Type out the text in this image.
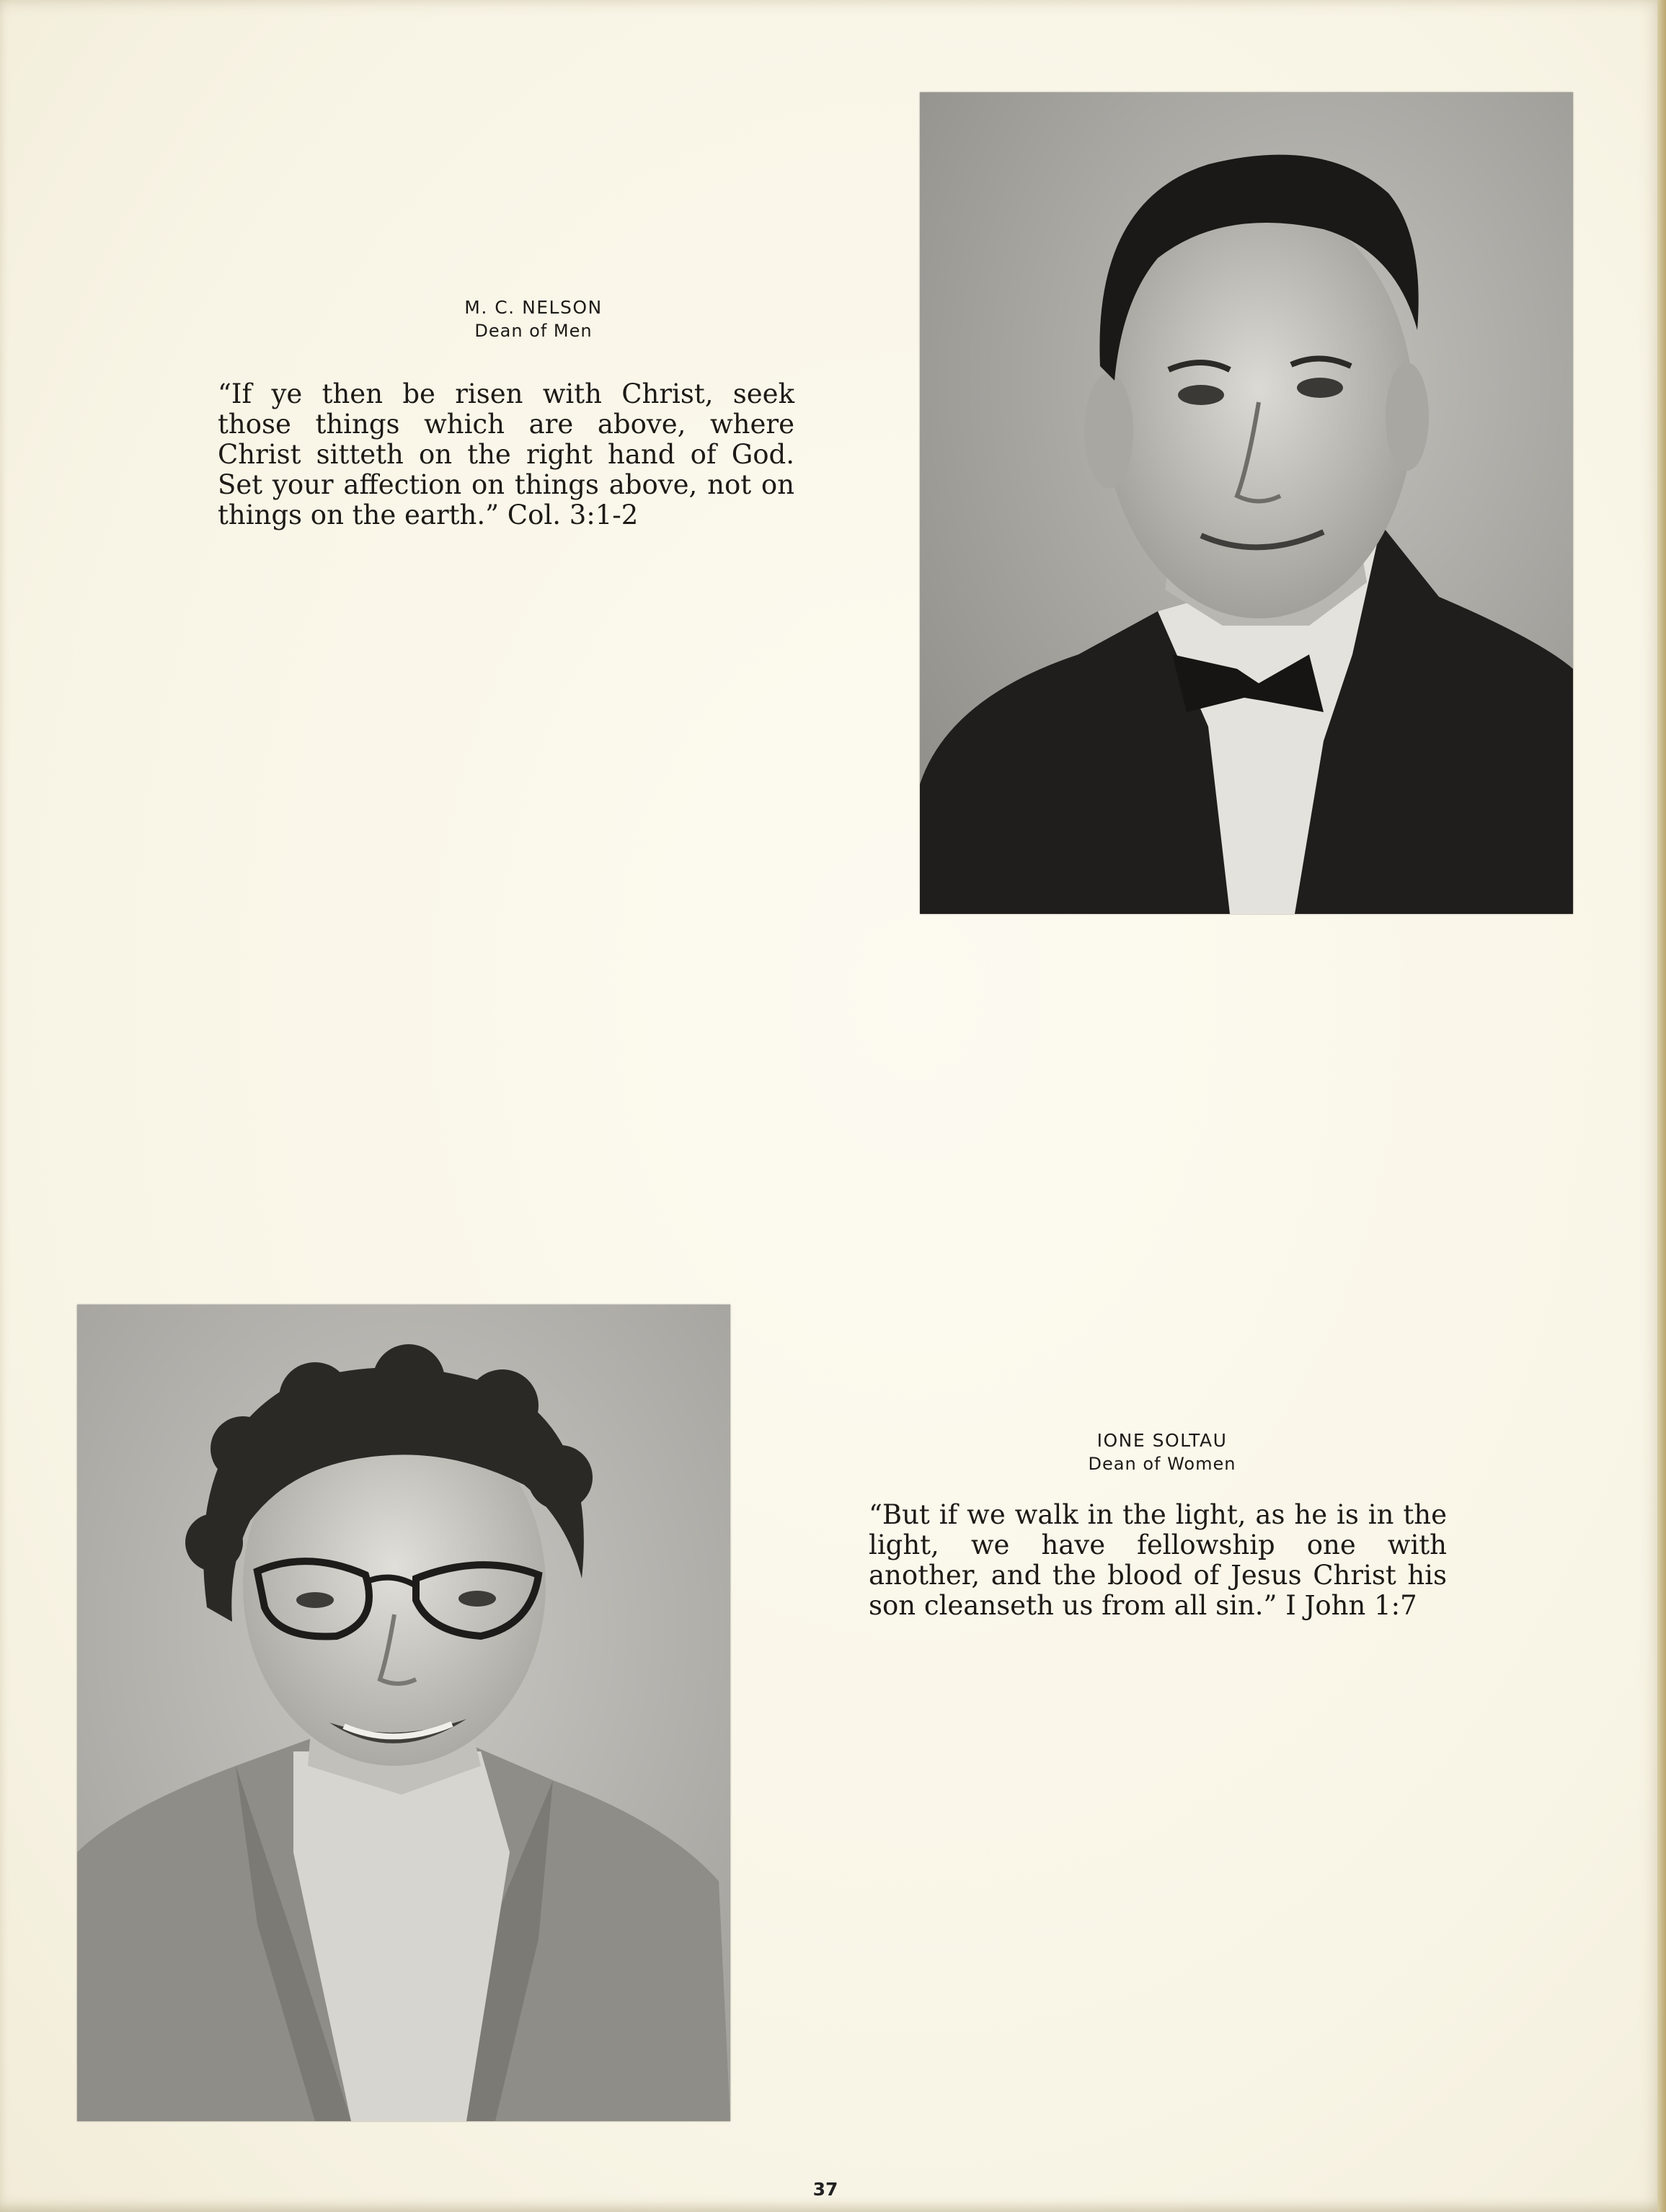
M. C. NELSON
Dean of Men
“If ye then be risen with Christ, seek those things which are above, where Christ sitteth on the right hand of God. Set your affection on things above, not on things on the earth.” Col. 3:1-2
IONE SOLTAU
Dean of Women
“But if we walk in the light, as he is in the light, we have fellowship one with another, and the blood of Jesus Christ his son cleanseth us from all sin.” I John 1:7
37
